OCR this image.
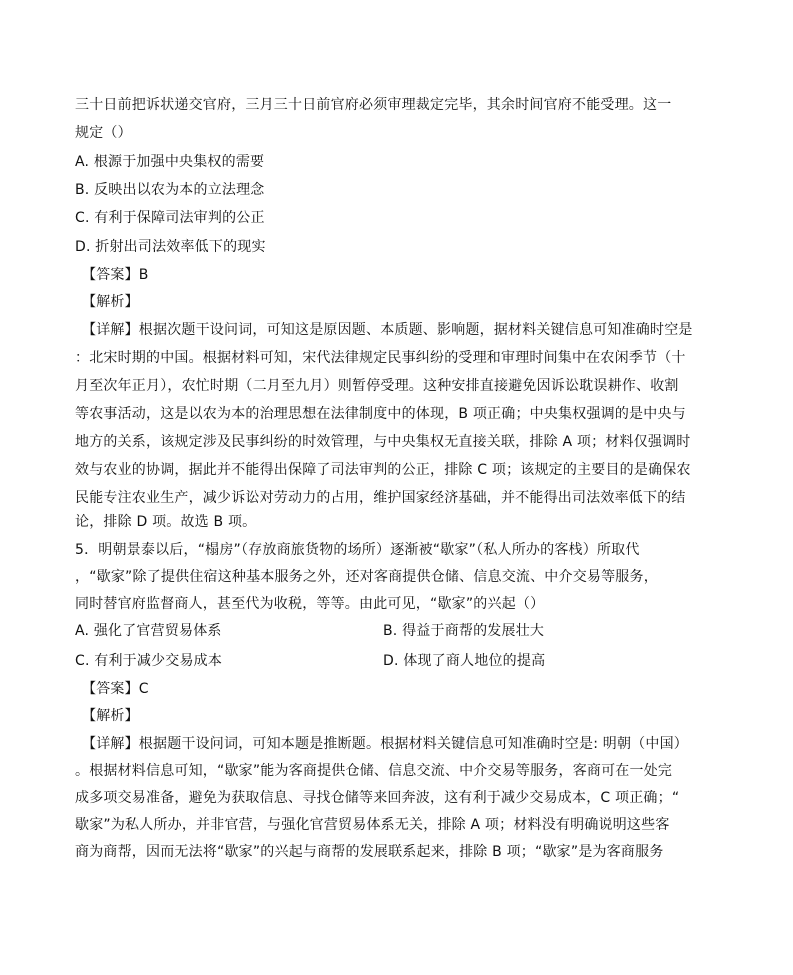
三十日前把诉状递交官府，三月三十日前官府必须审理裁定完毕，其余时间官府不能受理。这一
规定（）
A. 根源于加强中央集权的需要
B. 反映出以农为本的立法理念
C. 有利于保障司法审判的公正
D. 折射出司法效率低下的现实
【答案】B
【解析】
【详解】根据次题干设问词，可知这是原因题、本质题、影响题，据材料关键信息可知准确时空是
：北宋时期的中国。根据材料可知，宋代法律规定民事纠纷的受理和审理时间集中在农闲季节（十
月至次年正月），农忙时期（二月至九月）则暂停受理。这种安排直接避免因诉讼耽误耕作、收割
等农事活动，这是以农为本的治理思想在法律制度中的体现，B 项正确；中央集权强调的是中央与
地方的关系，该规定涉及民事纠纷的时效管理，与中央集权无直接关联，排除 A 项；材料仅强调时
效与农业的协调，据此并不能得出保障了司法审判的公正，排除 C 项；该规定的主要目的是确保农
民能专注农业生产，减少诉讼对劳动力的占用，维护国家经济基础，并不能得出司法效率低下的结
论，排除 D 项。故选 B 项。
5．明朝景泰以后，“榻房”（存放商旅货物的场所）逐渐被“歇家”（私人所办的客栈）所取代
，“歇家”除了提供住宿这种基本服务之外，还对客商提供仓储、信息交流、中介交易等服务，
同时替官府监督商人，甚至代为收税，等等。由此可见，“歇家”的兴起（）
A. 强化了官营贸易体系	B. 得益于商帮的发展壮大
C. 有利于减少交易成本	D. 体现了商人地位的提高
【答案】C
【解析】
【详解】根据题干设问词，可知本题是推断题。根据材料关键信息可知准确时空是: 明朝（中国）
。根据材料信息可知，“歇家”能为客商提供仓储、信息交流、中介交易等服务，客商可在一处完
成多项交易准备，避免为获取信息、寻找仓储等来回奔波，这有利于减少交易成本，C 项正确；“
歇家”为私人所办，并非官营，与强化官营贸易体系无关，排除 A 项；材料没有明确说明这些客
商为商帮，因而无法将“歇家”的兴起与商帮的发展联系起来，排除 B 项；“歇家”是为客商服务
